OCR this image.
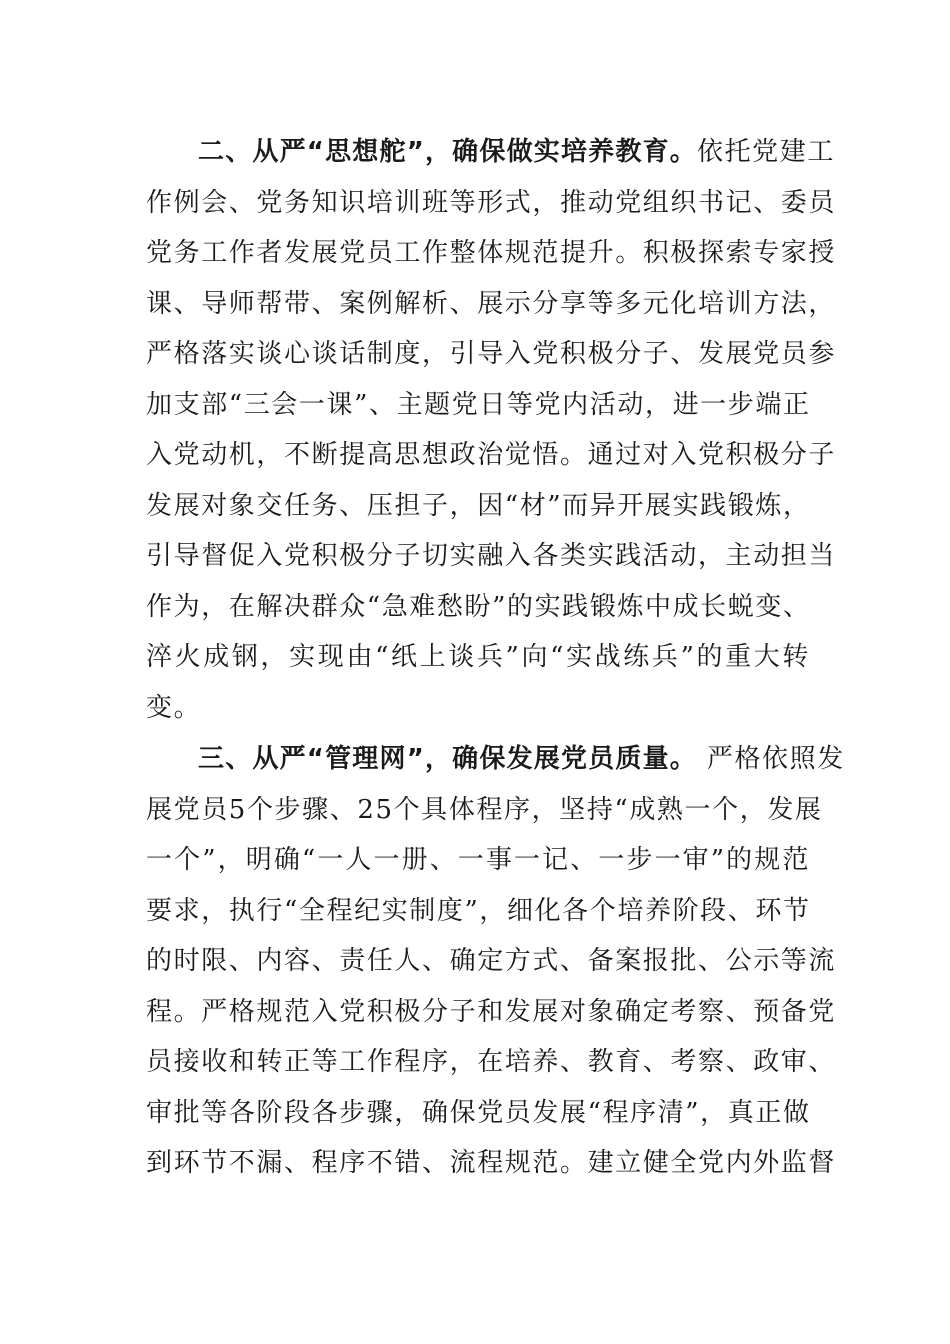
二、从严“思想舵”，确保做实培养教育。依托党建工
作例会、党务知识培训班等形式，推动党组织书记、委员
党务工作者发展党员工作整体规范提升。积极探索专家授
课、导师帮带、案例解析、展示分享等多元化培训方法，
严格落实谈心谈话制度，引导入党积极分子、发展党员参
加支部“三会一课”、主题党日等党内活动，进一步端正
入党动机，不断提高思想政治觉悟。通过对入党积极分子
发展对象交任务、压担子，因“材”而异开展实践锻炼，
引导督促入党积极分子切实融入各类实践活动，主动担当
作为，在解决群众“急难愁盼”的实践锻炼中成长蜕变、
淬火成钢，实现由“纸上谈兵”向“实战练兵”的重大转
变。
三、从严“管理网”，确保发展党员质量。 严格依照发
展党员5个步骤、25个具体程序，坚持“成熟一个，发展
一个”，明确“一人一册、一事一记、一步一审”的规范
要求，执行“全程纪实制度”，细化各个培养阶段、环节
的时限、内容、责任人、确定方式、备案报批、公示等流
程。严格规范入党积极分子和发展对象确定考察、预备党
员接收和转正等工作程序，在培养、教育、考察、政审、
审批等各阶段各步骤，确保党员发展“程序清”，真正做
到环节不漏、程序不错、流程规范。建立健全党内外监督
